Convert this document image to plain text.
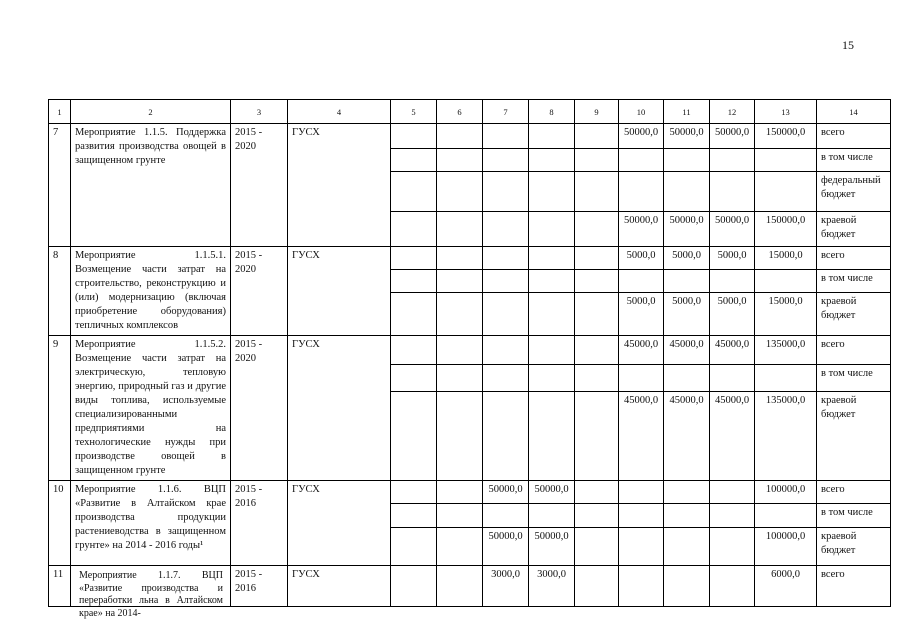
15
1	2	3	4	5	6	7	8	9	10	11	12	13	14
7	Мероприятие 1.1.5. Поддержка развития производства овощей в защищенном грунте	2015 - 2020	ГУСХ						50000,0	50000,0	50000,0	150000,0	всего
													в том числе
													федеральный бюджет
									50000,0	50000,0	50000,0	150000,0	краевой бюджет
8	Мероприятие 1.1.5.1. Возмещение части затрат на строительство, реконструкцию и (или) модернизацию (включая приобретение оборудования) тепличных комплексов	2015 - 2020	ГУСХ						5000,0	5000,0	5000,0	15000,0	всего
													в том числе
									5000,0	5000,0	5000,0	15000,0	краевой бюджет
9	Мероприятие 1.1.5.2. Возмещение части затрат на электрическую, тепловую энергию, природный газ и другие виды топлива, используемые специализированными предприятиями на технологические нужды при производстве овощей в защищенном грунте	2015 - 2020	ГУСХ						45000,0	45000,0	45000,0	135000,0	всего
													в том числе
									45000,0	45000,0	45000,0	135000,0	краевой бюджет
10	Мероприятие 1.1.6. ВЦП «Развитие в Алтайском крае производства продукции растениеводства в защищенном грунте» на 2014 - 2016 годы¹	2015 - 2016	ГУСХ			50000,0	50000,0					100000,0	всего
													в том числе
						50000,0	50000,0					100000,0	краевой бюджет
11	Мероприятие 1.1.7. ВЦП «Развитие производства и переработки льна в Алтайском крае» на 2014-	2015 - 2016	ГУСХ			3000,0	3000,0					6000,0	всего
